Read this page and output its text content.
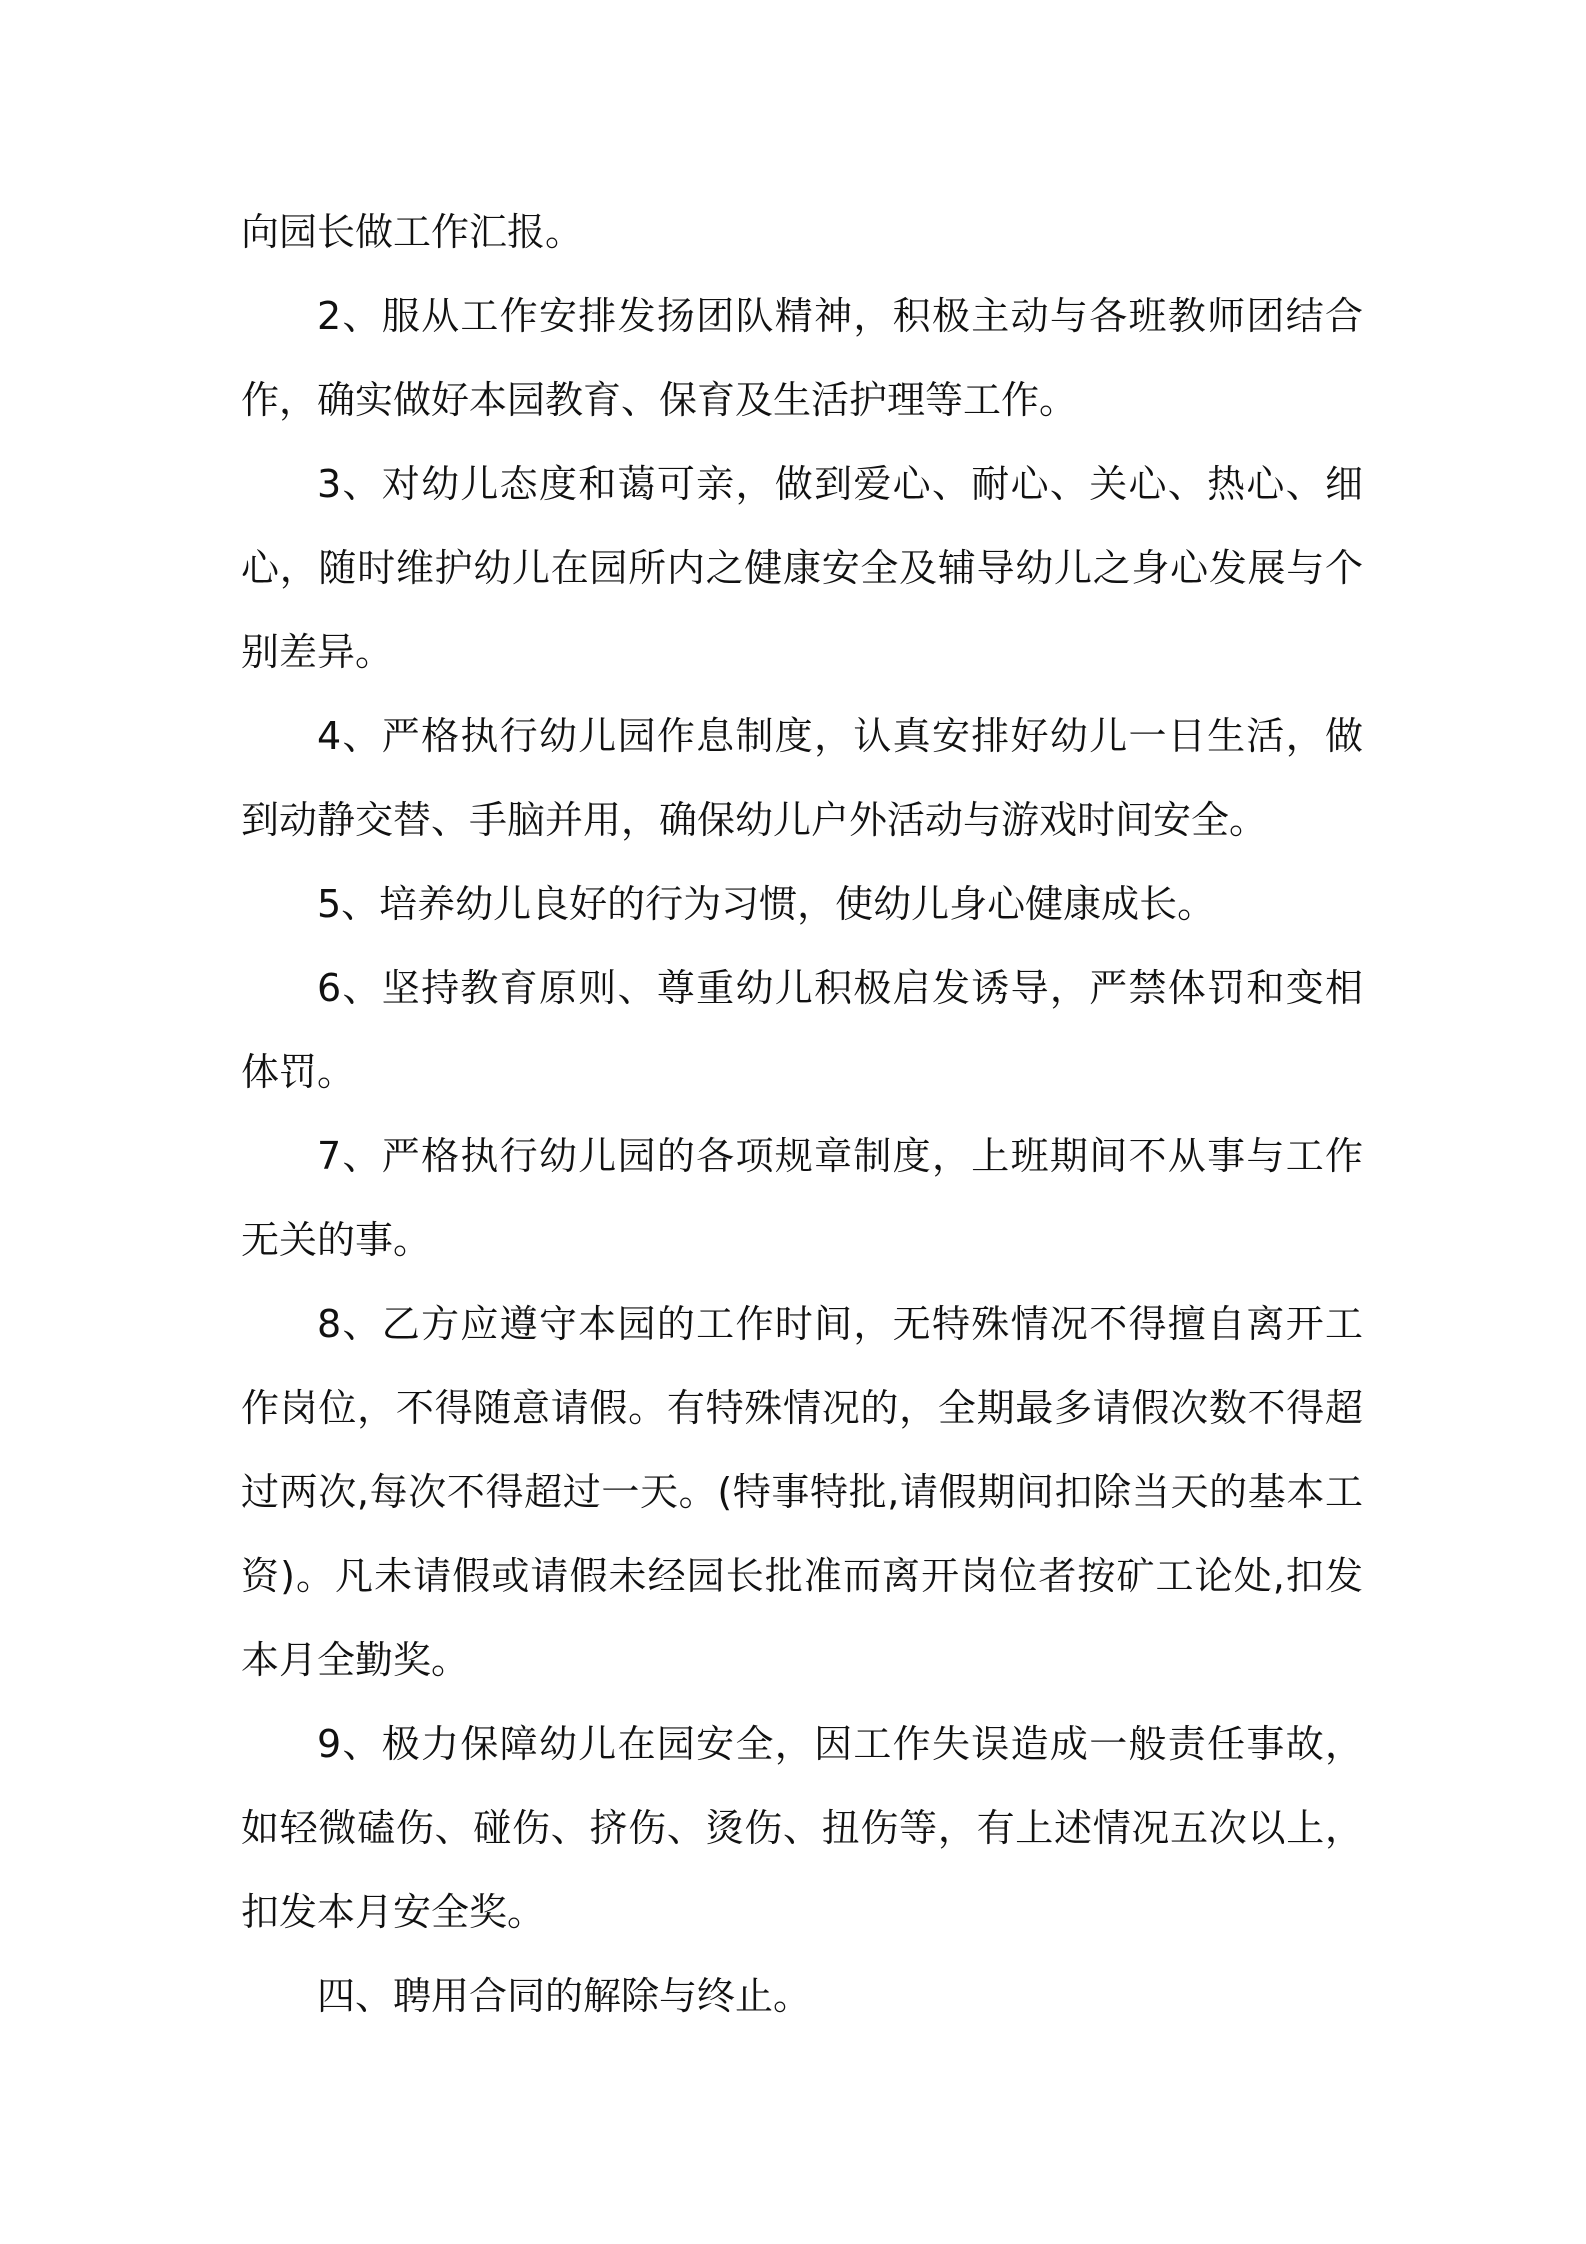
向园长做工作汇报。

2、服从工作安排发扬团队精神，积极主动与各班教师团结合作，确实做好本园教育、保育及生活护理等工作。

3、对幼儿态度和蔼可亲，做到爱心、耐心、关心、热心、细心，随时维护幼儿在园所内之健康安全及辅导幼儿之身心发展与个别差异。

4、严格执行幼儿园作息制度，认真安排好幼儿一日生活，做到动静交替、手脑并用，确保幼儿户外活动与游戏时间安全。

5、培养幼儿良好的行为习惯，使幼儿身心健康成长。

6、坚持教育原则、尊重幼儿积极启发诱导，严禁体罚和变相体罚。

7、严格执行幼儿园的各项规章制度，上班期间不从事与工作无关的事。

8、乙方应遵守本园的工作时间，无特殊情况不得擅自离开工作岗位，不得随意请假。有特殊情况的，全期最多请假次数不得超过两次,每次不得超过一天。(特事特批,请假期间扣除当天的基本工资)。凡未请假或请假未经园长批准而离开岗位者按矿工论处,扣发本月全勤奖。

9、极力保障幼儿在园安全，因工作失误造成一般责任事故，如轻微磕伤、碰伤、挤伤、烫伤、扭伤等，有上述情况五次以上，扣发本月安全奖。

四、聘用合同的解除与终止。
